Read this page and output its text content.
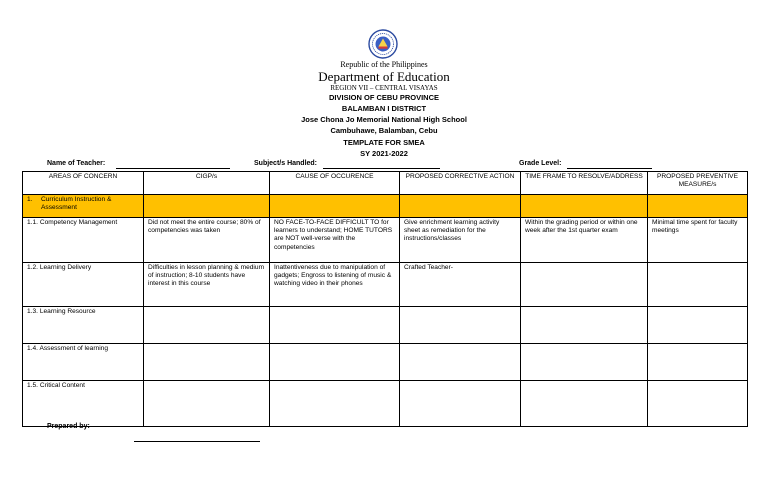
Republic of the Philippines
Department of Education
REGION VII – CENTRAL VISAYAS
DIVISION OF CEBU PROVINCE
BALAMBAN I DISTRICT
Jose Chona Jo Memorial National High School
Cambuhawe, Balamban, Cebu
TEMPLATE FOR SMEA
SY 2021-2022
Name of Teacher:	Subject/s Handled:	Grade Level:
AREAS OF CONCERN	CIGP/s	CAUSE OF OCCURENCE	PROPOSED CORRECTIVE ACTION	TIME FRAME TO RESOLVE/ADDRESS	PROPOSED PREVENTIVE MEASURE/s

1. Curriculum Instruction & Assessment					

1.1. Competency Management	Did not meet the entire course; 80% of competencies was taken	NO FACE-TO-FACE DIFFICULT TO for learners to understand; HOME TUTORS are NOT well-verse with the competencies	Give enrichment learning activity sheet as remediation for the instructions/classes	Within the grading period or within one week after the 1st quarter exam	Minimal time spent for faculty meetings
1.2. Learning Delivery	Difficulties in lesson planning & medium of instruction; 8-10 students have interest in this course	Inattentiveness due to manipulation of gadgets; Engross to listening of music & watching video in their phones	Crafted Teacher-		
1.3. Learning Resource					
1.4. Assessment of learning					
1.5. Critical Content					
Prepared by:
